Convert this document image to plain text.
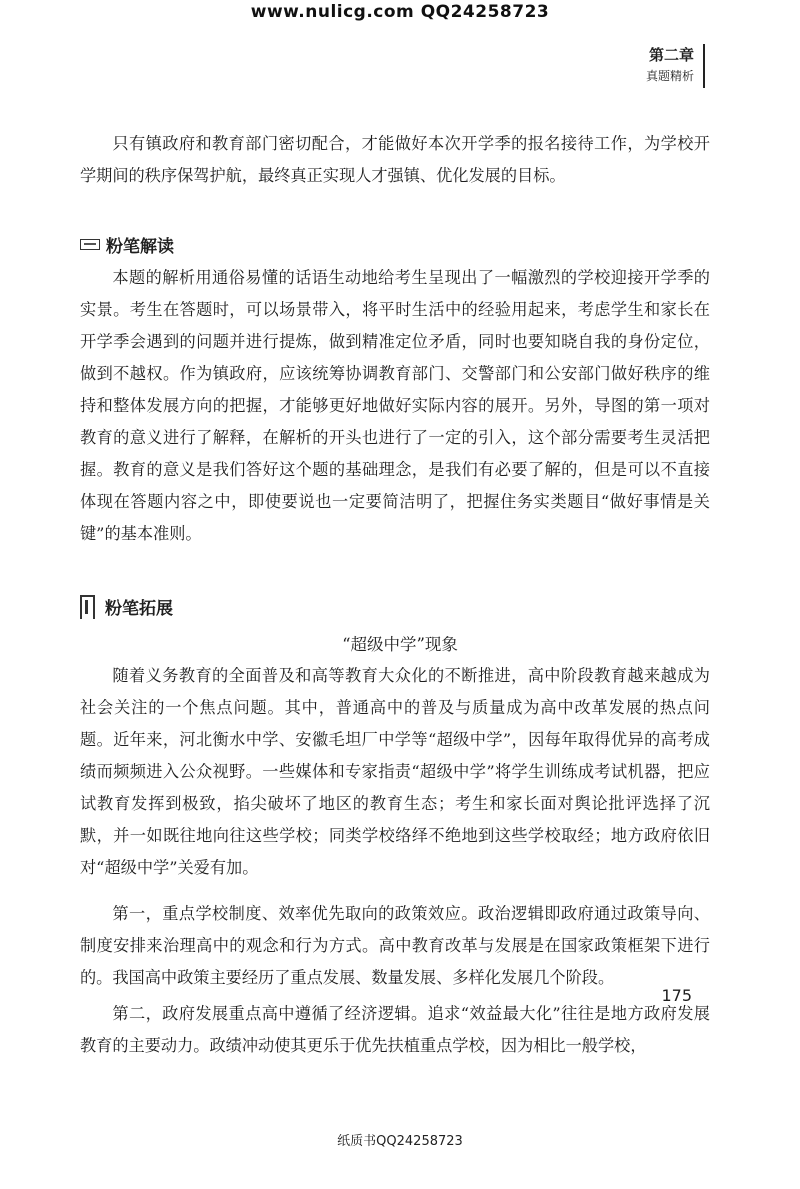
www.nulicg.com QQ24258723
第二章
真题精析

只有镇政府和教育部门密切配合，才能做好本次开学季的报名接待工作，为学校开学期间的秩序保驾护航，最终真正实现人才强镇、优化发展的目标。

粉笔解读

本题的解析用通俗易懂的话语生动地给考生呈现出了一幅激烈的学校迎接开学季的实景。考生在答题时，可以场景带入，将平时生活中的经验用起来，考虑学生和家长在开学季会遇到的问题并进行提炼，做到精准定位矛盾，同时也要知晓自我的身份定位，做到不越权。作为镇政府，应该统筹协调教育部门、交警部门和公安部门做好秩序的维持和整体发展方向的把握，才能够更好地做好实际内容的展开。另外，导图的第一项对教育的意义进行了解释，在解析的开头也进行了一定的引入，这个部分需要考生灵活把握。教育的意义是我们答好这个题的基础理念，是我们有必要了解的，但是可以不直接体现在答题内容之中，即使要说也一定要简洁明了，把握住务实类题目“做好事情是关键”的基本准则。

粉笔拓展
“超级中学”现象

随着义务教育的全面普及和高等教育大众化的不断推进，高中阶段教育越来越成为社会关注的一个焦点问题。其中，普通高中的普及与质量成为高中改革发展的热点问题。近年来，河北衡水中学、安徽毛坦厂中学等“超级中学”，因每年取得优异的高考成绩而频频进入公众视野。一些媒体和专家指责“超级中学”将学生训练成考试机器，把应试教育发挥到极致，掐尖破坏了地区的教育生态；考生和家长面对舆论批评选择了沉默，并一如既往地向往这些学校；同类学校络绎不绝地到这些学校取经；地方政府依旧对“超级中学”关爱有加。

第一，重点学校制度、效率优先取向的政策效应。政治逻辑即政府通过政策导向、制度安排来治理高中的观念和行为方式。高中教育改革与发展是在国家政策框架下进行的。我国高中政策主要经历了重点发展、数量发展、多样化发展几个阶段。

第二，政府发展重点高中遵循了经济逻辑。追求“效益最大化”往往是地方政府发展教育的主要动力。政绩冲动使其更乐于优先扶植重点学校，因为相比一般学校，

175
纸质书QQ24258723
